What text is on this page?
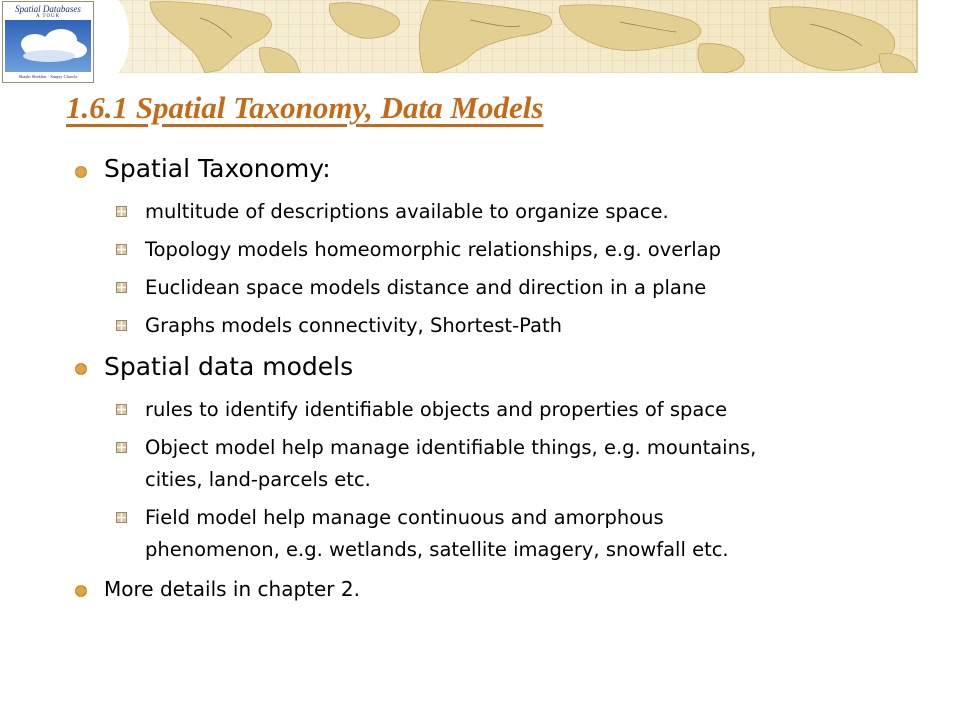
Spatial Databases
A TOUR
Shashi Shekhar · Sanjay Chawla
1.6.1 Spatial Taxonomy, Data Models
Spatial Taxonomy:
multitude of descriptions available to organize space.
Topology models homeomorphic relationships, e.g. overlap
Euclidean space models distance and direction in a plane
Graphs models connectivity, Shortest-Path
Spatial data models
rules to identify identifiable objects and properties of space
Object model help manage identifiable things, e.g. mountains,
cities, land-parcels etc.
Field model help manage continuous and amorphous
phenomenon, e.g. wetlands, satellite imagery, snowfall etc.
More details in chapter 2.
